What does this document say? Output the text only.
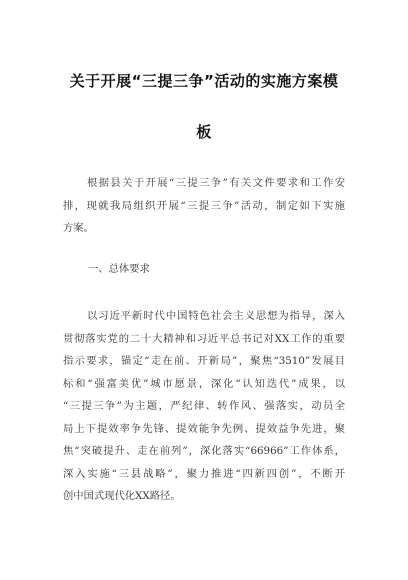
关于开展“三提三争”活动的实施方案模
板
根据县关于开展“三提三争”有关文件要求和工作安
排，现就我局组织开展“三提三争”活动，制定如下实施
方案。
一、总体要求
以习近平新时代中国特色社会主义思想为指导，深入
贯彻落实党的二十大精神和习近平总书记对XX工作的重要
指示要求，锚定“走在前、开新局”，聚焦“3510”发展目
标和“强富美优”城市愿景，深化“认知迭代”成果，以
“三提三争”为主题，严纪律、转作风、强落实，动员全
局上下提效率争先锋、提效能争先例、提效益争先进，聚
焦“突破提升、走在前列”，深化落实“66966”工作体系，
深入实施“三县战略”，聚力推进“四新四创”，不断开
创中国式现代化XX路径。
